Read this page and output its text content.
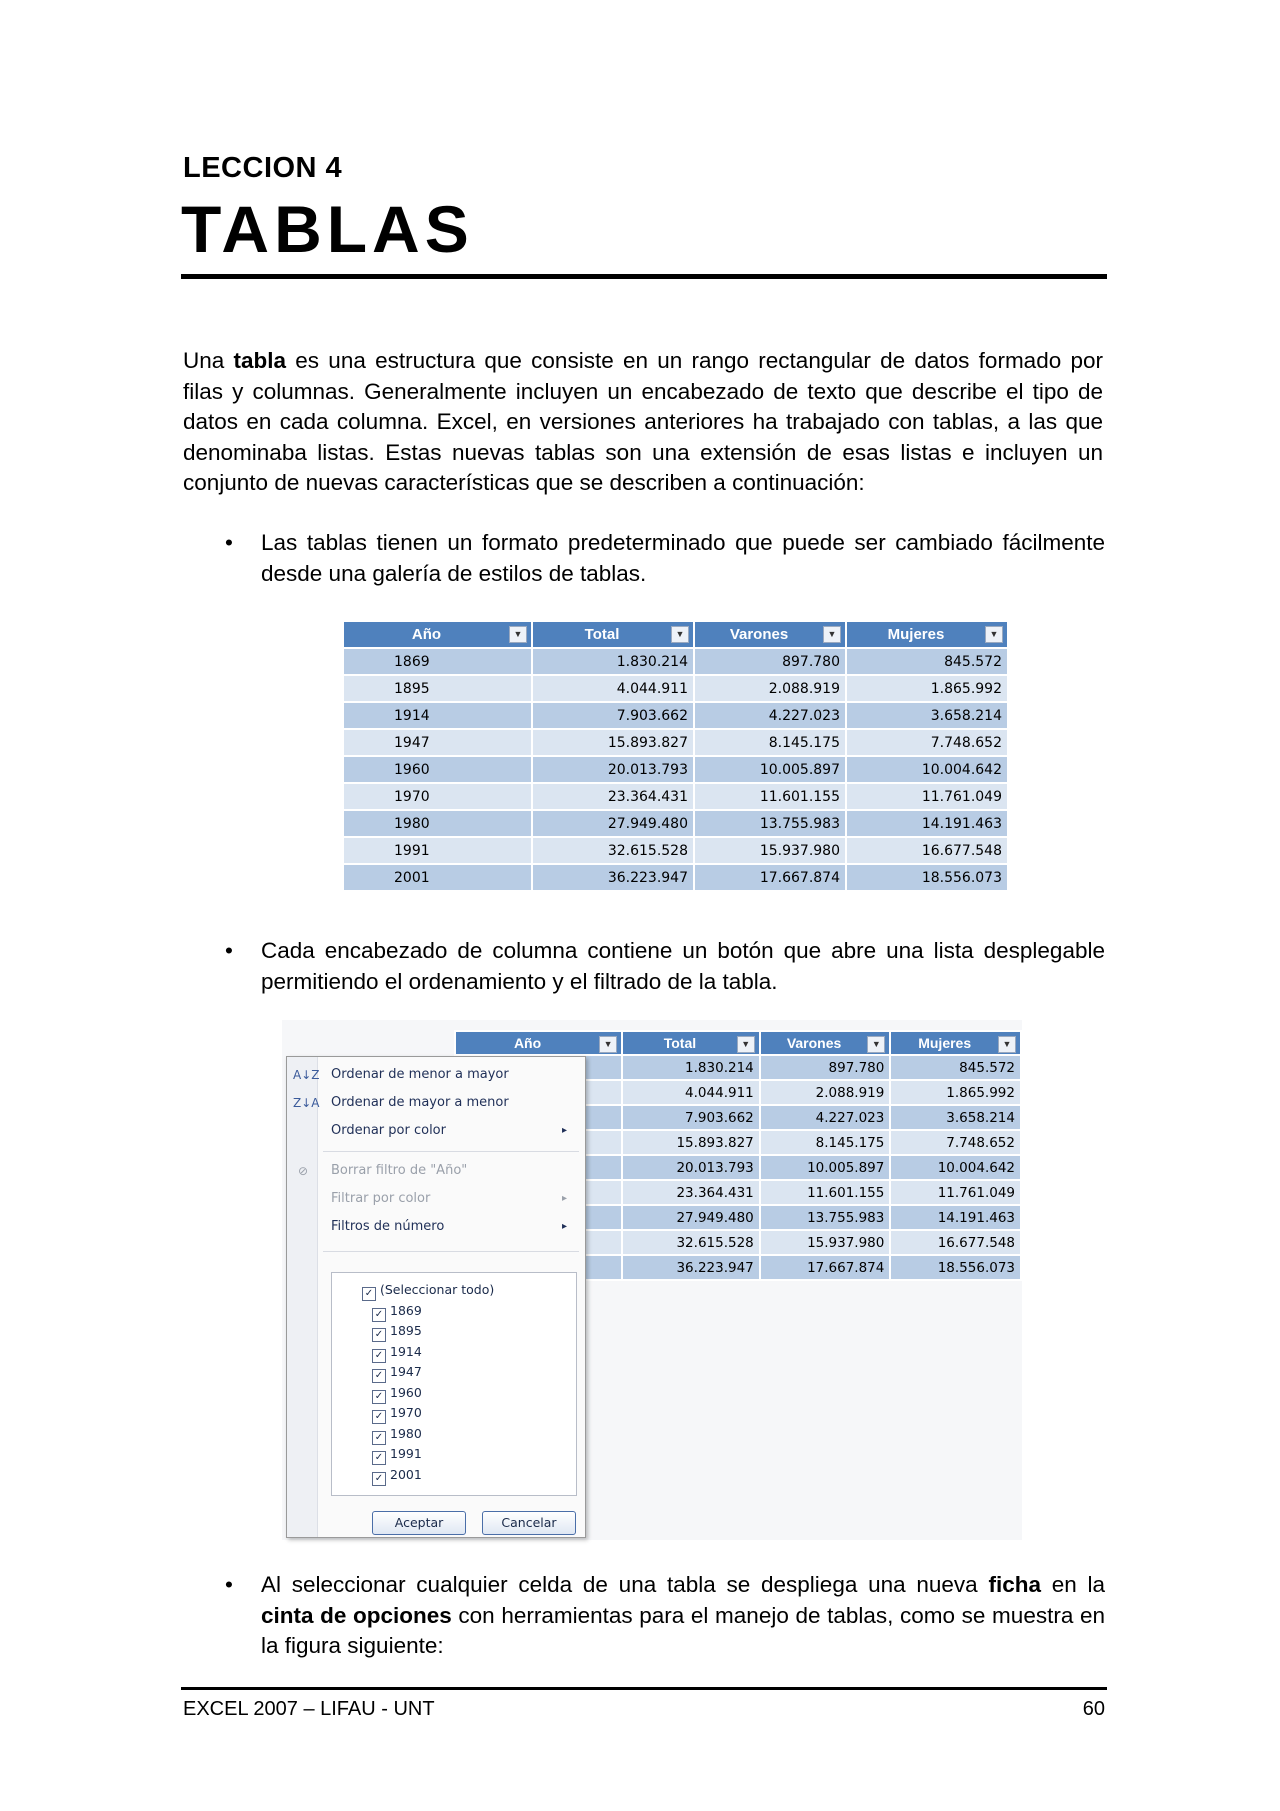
LECCION 4
TABLAS

Una tabla es una estructura que consiste en un rango rectangular de datos formado por filas y columnas. Generalmente incluyen un encabezado de texto que describe el tipo de datos en cada columna. Excel, en versiones anteriores ha trabajado con tablas, a las que denominaba listas. Estas nuevas tablas son una extensión de esas listas e incluyen un conjunto de nuevas características que se describen a continuación:

• Las tablas tienen un formato predeterminado que puede ser cambiado fácilmente desde una galería de estilos de tablas.
Año ▼	Total ▼	Varones ▼	Mujeres ▼

1869	1.830.214	897.780	845.572
1895	4.044.911	2.088.919	1.865.992
1914	7.903.662	4.227.023	3.658.214
1947	15.893.827	8.145.175	7.748.652
1960	20.013.793	10.005.897	10.004.642
1970	23.364.431	11.601.155	11.761.049
1980	27.949.480	13.755.983	14.191.463
1991	32.615.528	15.937.980	16.677.548
2001	36.223.947	17.667.874	18.556.073
• Cada encabezado de columna contiene un botón que abre una lista desplegable permitiendo el ordenamiento y el filtrado de la tabla.
Año ▼	Total ▼	Varones ▼	Mujeres ▼

	1.830.214	897.780	845.572
	4.044.911	2.088.919	1.865.992
	7.903.662	4.227.023	3.658.214
	15.893.827	8.145.175	7.748.652
	20.013.793	10.005.897	10.004.642
	23.364.431	11.601.155	11.761.049
	27.949.480	13.755.983	14.191.463
	32.615.528	15.937.980	16.677.548
	36.223.947	17.667.874	18.556.073
A↓Z Ordenar de menor a mayor
Z↓A Ordenar de mayor a menor
Ordenar por color	▸
⊘	Borrar filtro de "Año"
Filtrar por color	▸
Filtros de número	▸
✓ (Seleccionar todo)
✓ 1869
✓ 1895
✓ 1914
✓ 1947
✓ 1960
✓ 1970
✓ 1980
✓ 1991
✓ 2001
Aceptar	Cancelar
• Al seleccionar cualquier celda de una tabla se despliega una nueva ficha en la cinta de opciones con herramientas para el manejo de tablas, como se muestra en la figura siguiente:
EXCEL 2007 – LIFAU - UNT	60
